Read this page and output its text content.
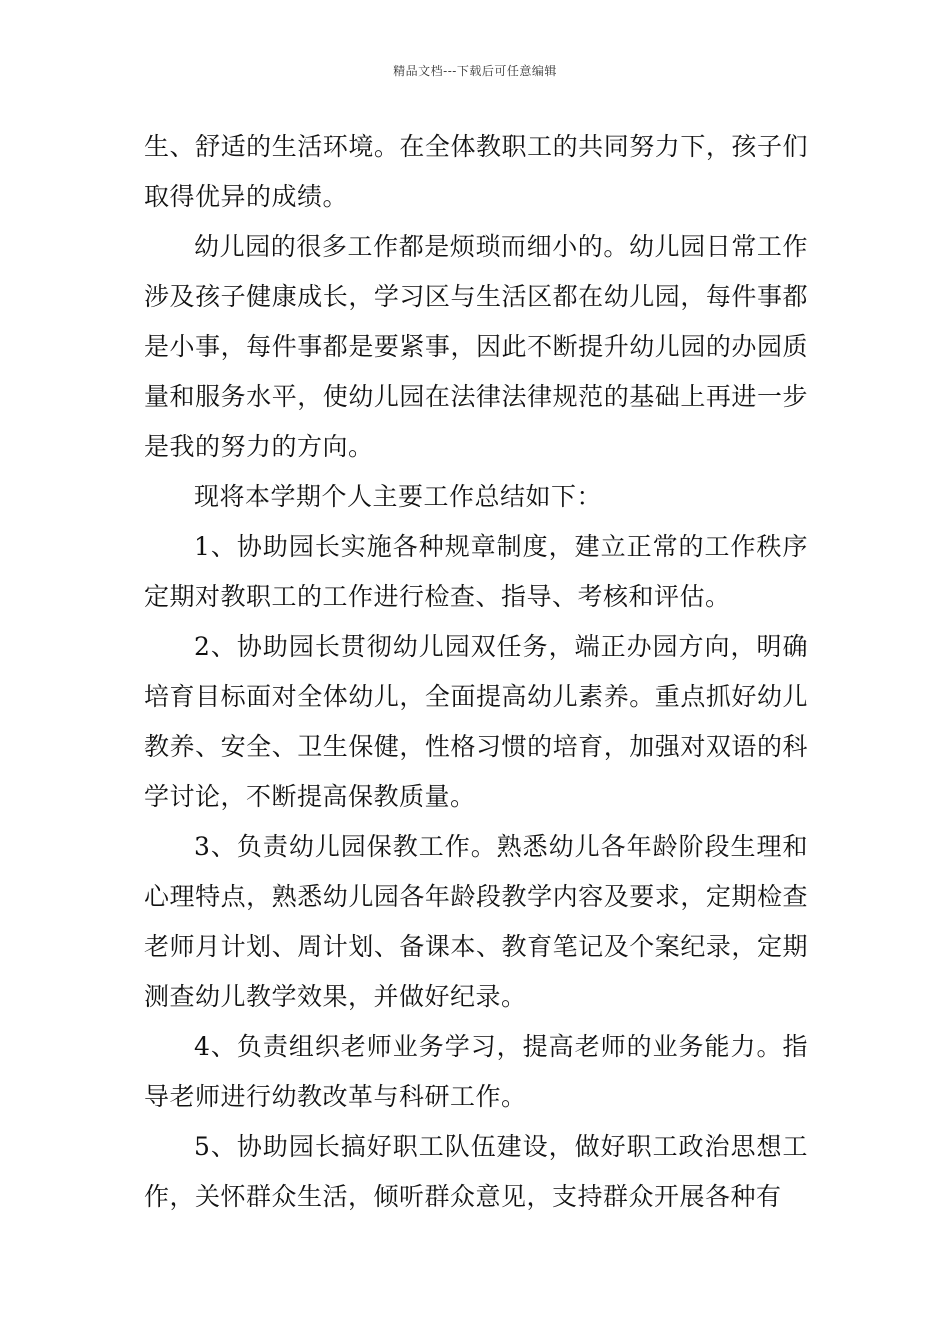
精品文档---下载后可任意编辑

生、舒适的生活环境。在全体教职工的共同努力下，孩子们取得优异的成绩。

幼儿园的很多工作都是烦琐而细小的。幼儿园日常工作涉及孩子健康成长，学习区与生活区都在幼儿园，每件事都是小事，每件事都是要紧事，因此不断提升幼儿园的办园质量和服务水平，使幼儿园在法律法律规范的基础上再进一步是我的努力的方向。

现将本学期个人主要工作总结如下：

1、协助园长实施各种规章制度，建立正常的工作秩序定期对教职工的工作进行检查、指导、考核和评估。

2、协助园长贯彻幼儿园双任务，端正办园方向，明确培育目标面对全体幼儿，全面提高幼儿素养。重点抓好幼儿教养、安全、卫生保健，性格习惯的培育，加强对双语的科学讨论，不断提高保教质量。

3、负责幼儿园保教工作。熟悉幼儿各年龄阶段生理和心理特点，熟悉幼儿园各年龄段教学内容及要求，定期检查老师月计划、周计划、备课本、教育笔记及个案纪录，定期测查幼儿教学效果，并做好纪录。

4、负责组织老师业务学习，提高老师的业务能力。指导老师进行幼教改革与科研工作。

5、协助园长搞好职工队伍建设，做好职工政治思想工作，关怀群众生活，倾听群众意见，支持群众开展各种有
